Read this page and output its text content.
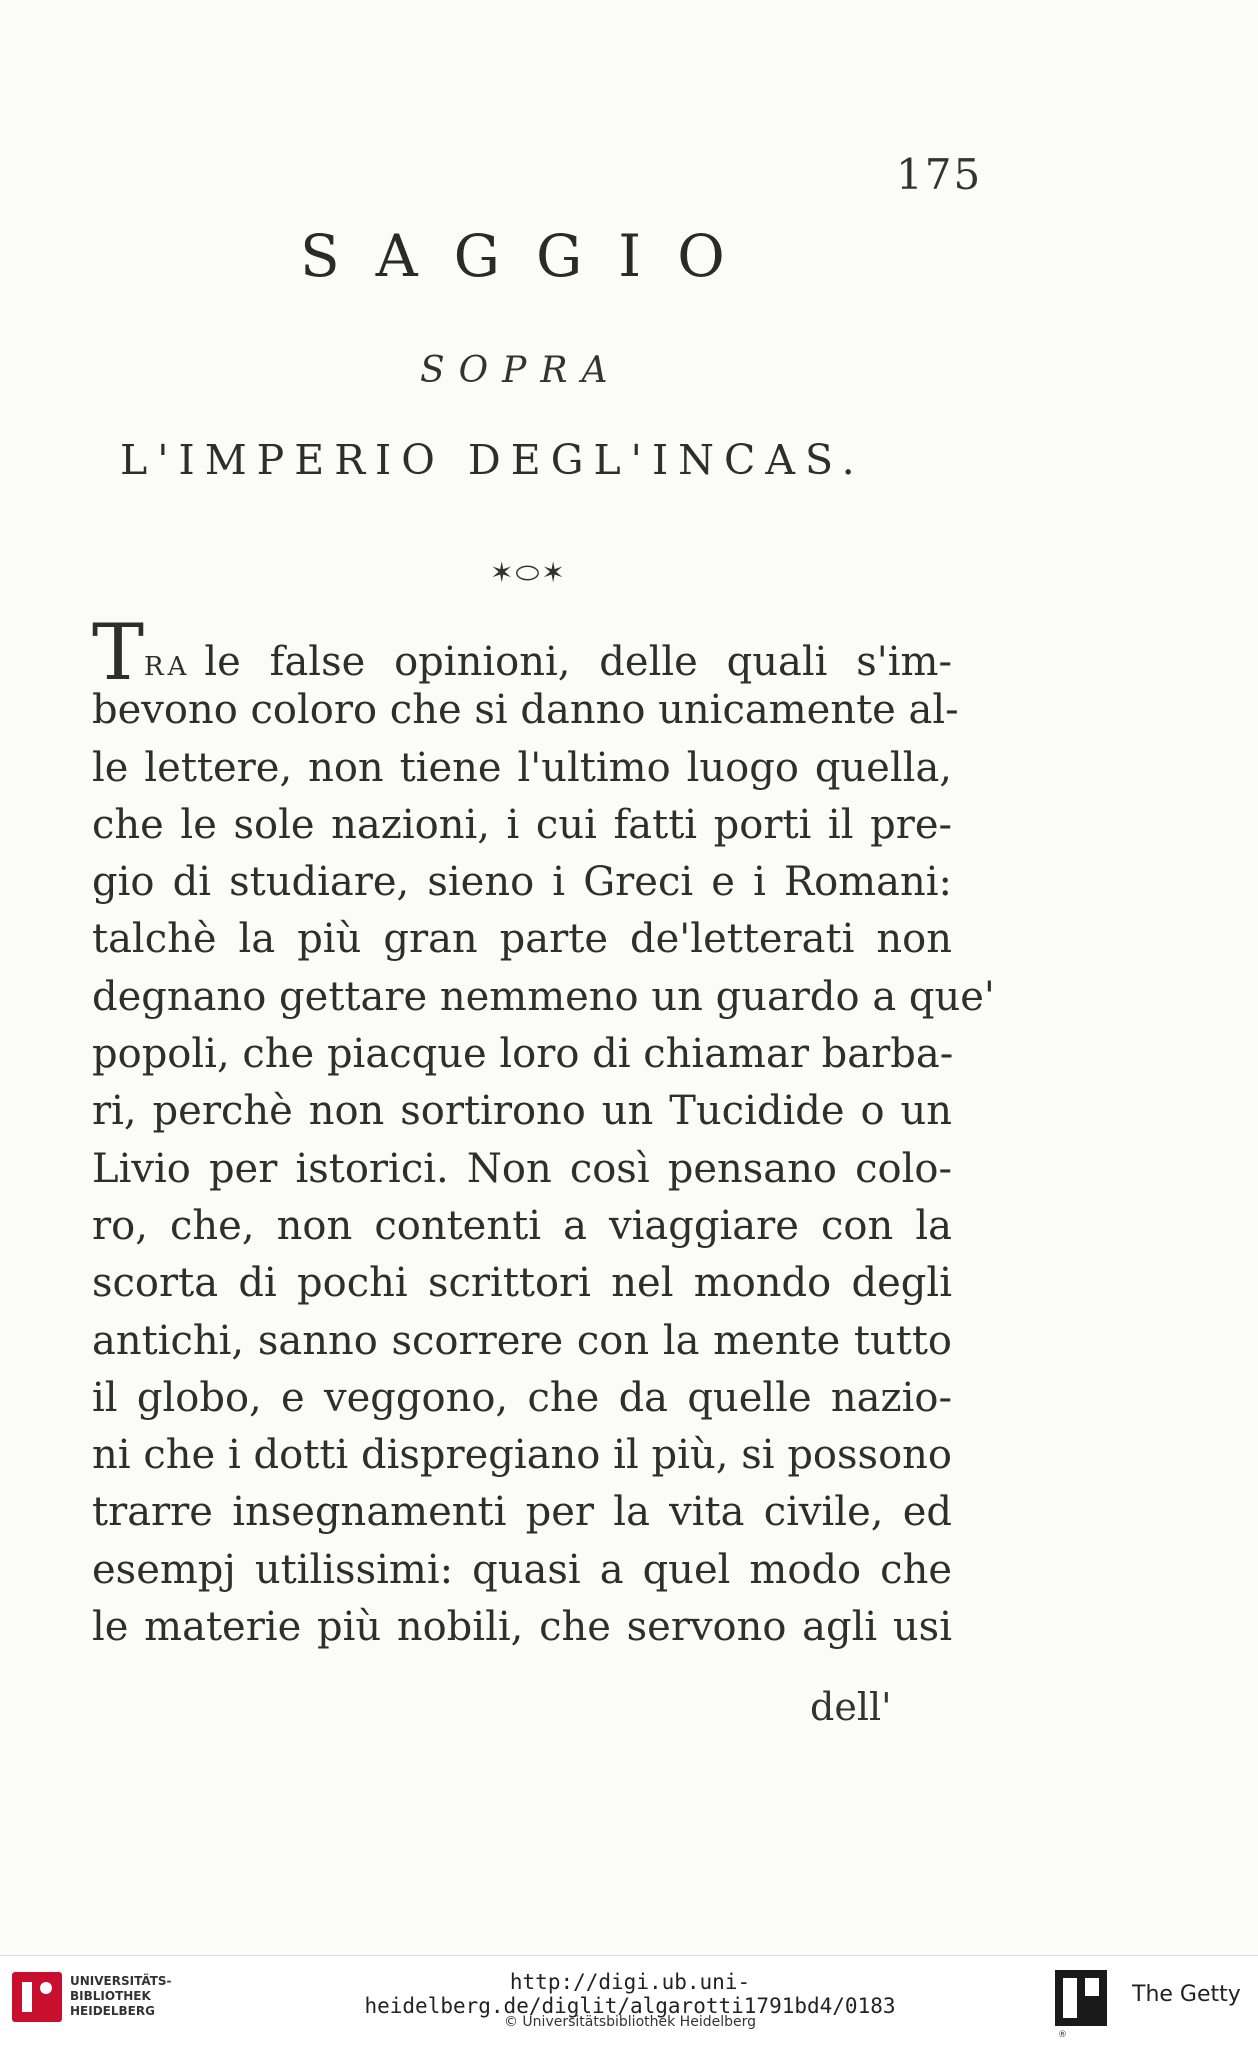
175
SAGGIO
SOPRA
L'IMPERIO DEGL'INCAS.
✶⬭✶
TRA le false opinioni, delle quali s'im-
bevono coloro che si danno unicamente al-
le lettere, non tiene l'ultimo luogo quella,
che le sole nazioni, i cui fatti porti il pre-
gio di studiare, sieno i Greci e i Romani:
talchè la più gran parte de'letterati non
degnano gettare nemmeno un guardo a que'
popoli, che piacque loro di chiamar barba-
ri, perchè non sortirono un Tucidide o un
Livio per istorici. Non così pensano colo-
ro, che, non contenti a viaggiare con la
scorta di pochi scrittori nel mondo degli
antichi, sanno scorrere con la mente tutto
il globo, e veggono, che da quelle nazio-
ni che i dotti dispregiano il più, si possono
trarre insegnamenti per la vita civile, ed
esempj utilissimi: quasi a quel modo che
le materie più nobili, che servono agli usi
dell'
UNIVERSITÄTS-
BIBLIOTHEK
HEIDELBERG
http://digi.ub.uni-heidelberg.de/diglit/algarotti1791bd4/0183
© Universitätsbibliothek Heidelberg
®
The Getty
